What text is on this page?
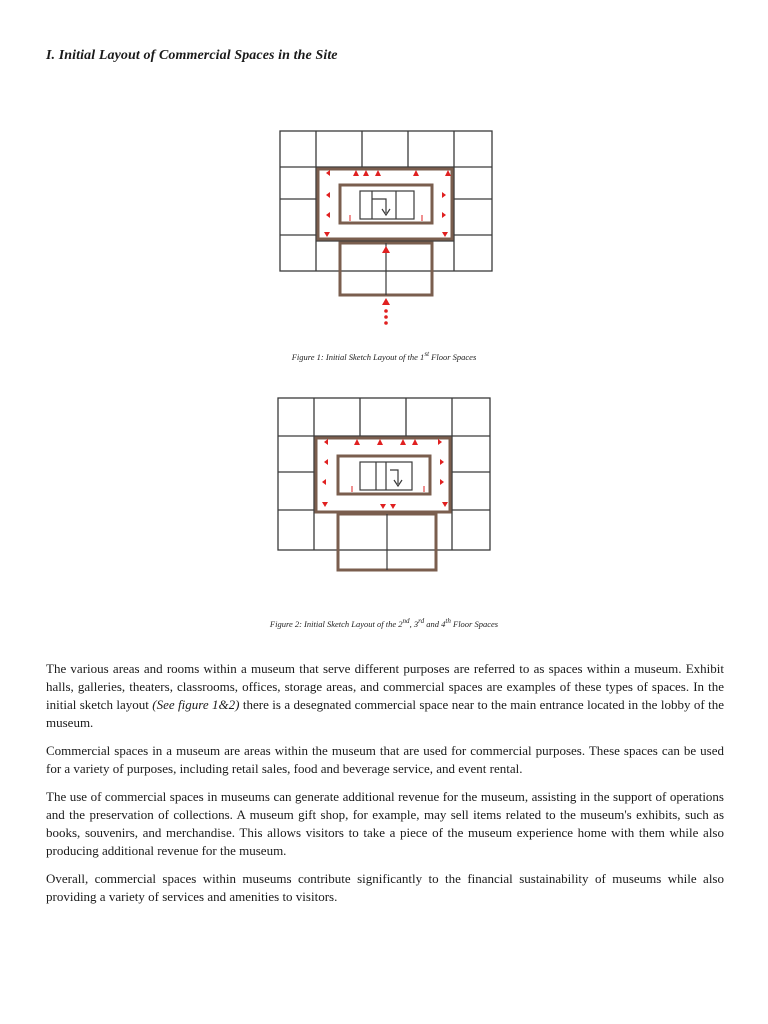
I. Initial Layout of Commercial Spaces in the Site
Figure 1: Initial Sketch Layout of the 1st Floor Spaces
Figure 2: Initial Sketch Layout of the 2nd, 3rd and 4th Floor Spaces

The various areas and rooms within a museum that serve different purposes are referred to as spaces within a museum. Exhibit halls, galleries, theaters, classrooms, offices, storage areas, and commercial spaces are examples of these types of spaces. In the initial sketch layout (See figure 1&2) there is a desegnated commercial space near to the main entrance located in the lobby of the museum.

Commercial spaces in a museum are areas within the museum that are used for commercial purposes. These spaces can be used for a variety of purposes, including retail sales, food and beverage service, and event rental.

The use of commercial spaces in museums can generate additional revenue for the museum, assisting in the support of operations and the preservation of collections. A museum gift shop, for example, may sell items related to the museum's exhibits, such as books, souvenirs, and merchandise. This allows visitors to take a piece of the museum experience home with them while also producing additional revenue for the museum.

Overall, commercial spaces within museums contribute significantly to the financial sustainability of museums while also providing a variety of services and amenities to visitors.
